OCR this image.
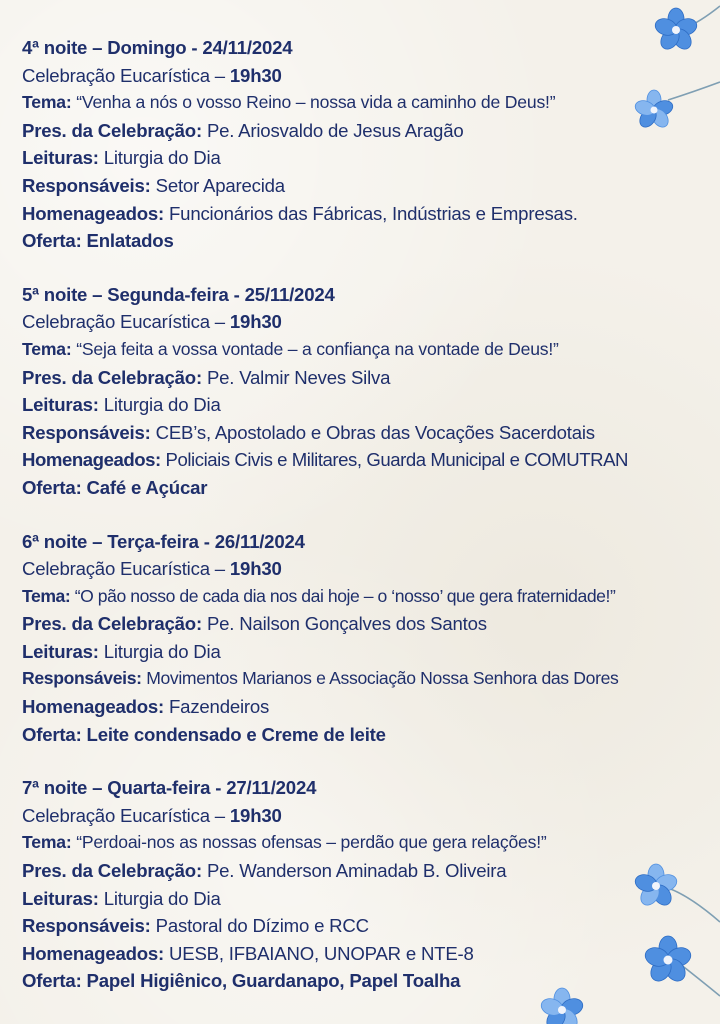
4ª noite – Domingo - 24/11/2024
Celebração Eucarística – 19h30
Tema: “Venha a nós o vosso Reino – nossa vida a caminho de Deus!”
Pres. da Celebração: Pe. Ariosvaldo de Jesus Aragão
Leituras: Liturgia do Dia
Responsáveis: Setor Aparecida
Homenageados: Funcionários das Fábricas, Indústrias e Empresas.
Oferta: Enlatados
5ª noite – Segunda-feira - 25/11/2024
Celebração Eucarística – 19h30
Tema: “Seja feita a vossa vontade – a confiança na vontade de Deus!”
Pres. da Celebração: Pe. Valmir Neves Silva
Leituras: Liturgia do Dia
Responsáveis: CEB’s, Apostolado e Obras das Vocações Sacerdotais
Homenageados: Policiais Civis e Militares, Guarda Municipal e COMUTRAN
Oferta: Café e Açúcar
6ª noite – Terça-feira - 26/11/2024
Celebração Eucarística – 19h30
Tema: “O pão nosso de cada dia nos dai hoje – o ‘nosso’ que gera fraternidade!”
Pres. da Celebração: Pe. Nailson Gonçalves dos Santos
Leituras: Liturgia do Dia
Responsáveis: Movimentos Marianos e Associação Nossa Senhora das Dores
Homenageados: Fazendeiros
Oferta: Leite condensado e Creme de leite
7ª noite – Quarta-feira - 27/11/2024
Celebração Eucarística – 19h30
Tema: “Perdoai-nos as nossas ofensas – perdão que gera relações!”
Pres. da Celebração: Pe. Wanderson Aminadab B. Oliveira
Leituras: Liturgia do Dia
Responsáveis: Pastoral do Dízimo e RCC
Homenageados: UESB, IFBAIANO, UNOPAR e NTE-8
Oferta: Papel Higiênico, Guardanapo, Papel Toalha
